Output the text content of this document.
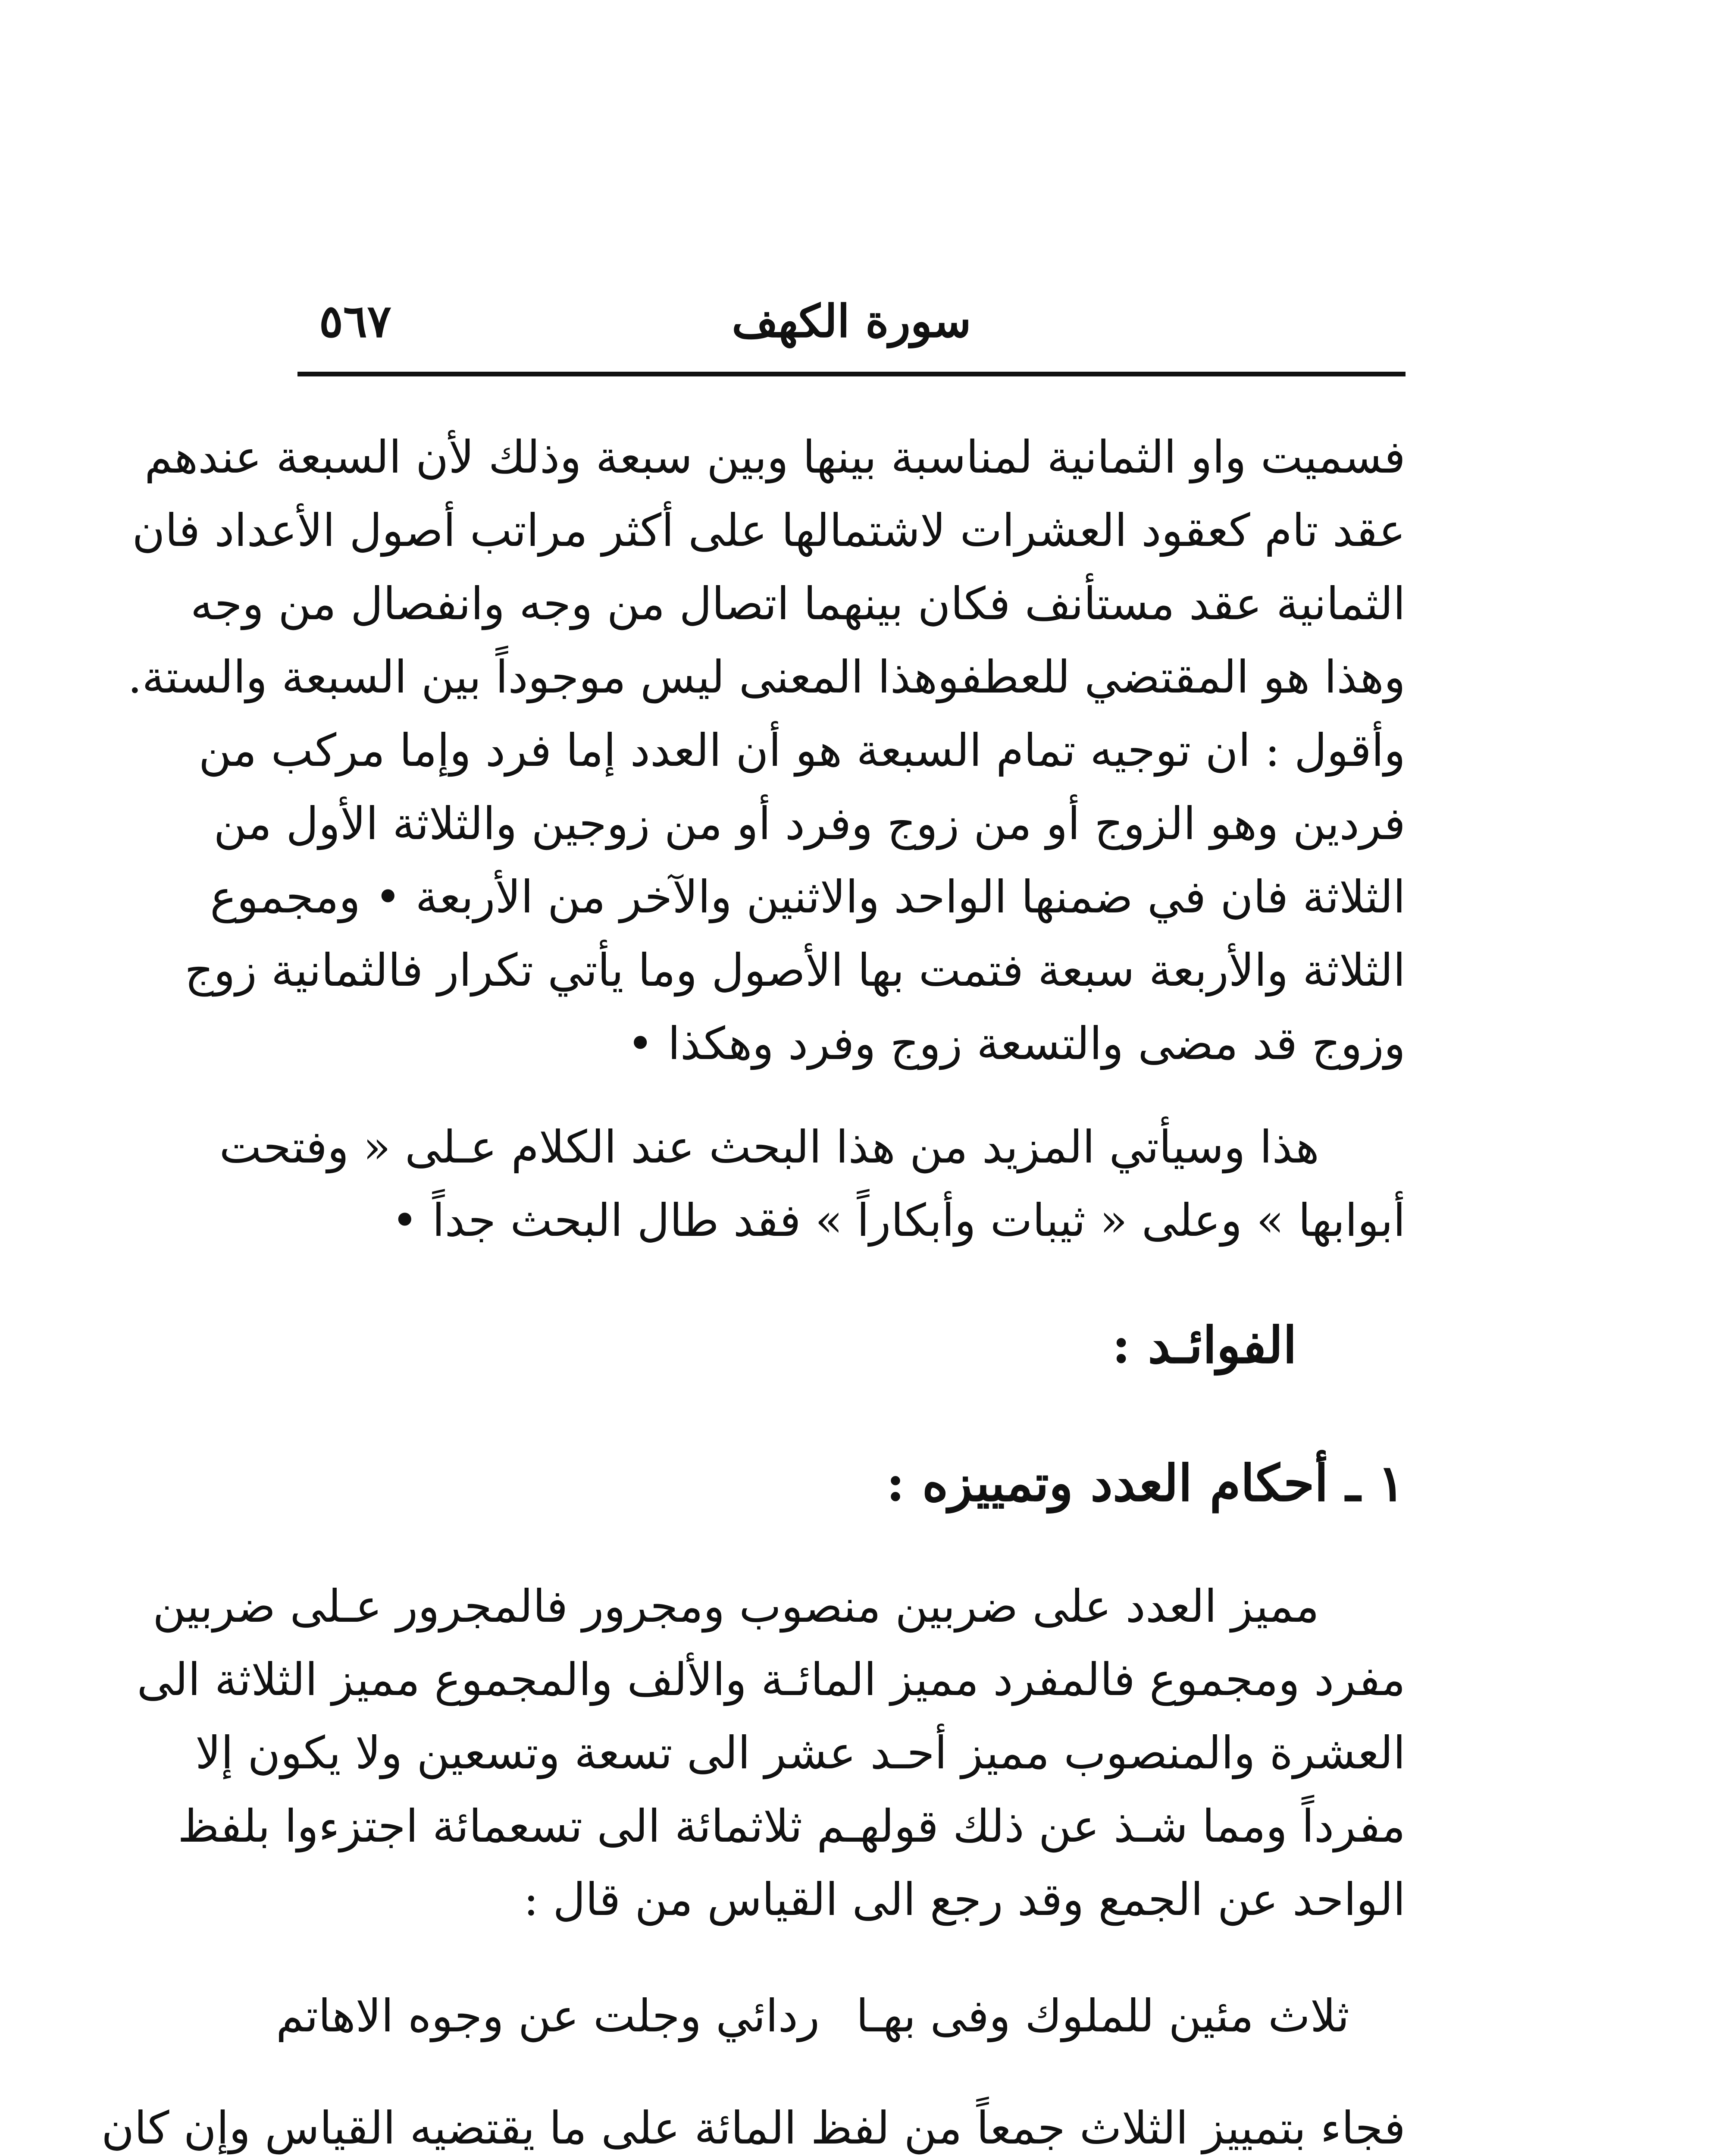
سورة الكهف
٥٦٧
فسميت واو الثمانية لمناسبة بينها وبين سبعة وذلك لأن السبعة عندهم
عقد تام كعقود العشرات لاشتمالها على أكثر مراتب أصول الأعداد فان
الثمانية عقد مستأنف فكان بينهما اتصال من وجه وانفصال من وجه
وهذا هو المقتضي للعطفوهذا المعنى ليس موجوداً بين السبعة والستة.
وأقول : ان توجيه تمام السبعة هو أن العدد إما فرد وإما مركب من
فردين وهو الزوج أو من زوج وفرد أو من زوجين والثلاثة الأول من
الثلاثة فان في ضمنها الواحد والاثنين والآخر من الأربعة • ومجموع
الثلاثة والأربعة سبعة فتمت بها الأصول وما يأتي تكرار فالثمانية زوج
وزوج قد مضى والتسعة زوج وفرد وهكذا •
هذا وسيأتي المزيد من هذا البحث عند الكلام عـلى « وفتحت
أبوابها » وعلى « ثيبات وأبكاراً » فقد طال البحث جداً •
الفوائـد :
١ ـ أحكام العدد وتمييزه :
مميز العدد على ضربين منصوب ومجرور فالمجرور عـلى ضربين
مفرد ومجموع فالمفرد مميز المائـة والألف والمجموع مميز الثلاثة الى
العشرة والمنصوب مميز أحـد عشر الى تسعة وتسعين ولا يكون إلا
مفرداً ومما شـذ عن ذلك قولهـم ثلاثمائة الى تسعمائة اجتزءوا بلفظ
الواحد عن الجمع وقد رجع الى القياس من قال :
ثلاث مئين للملوك وفى بهـا
ردائي وجلت عن وجوه الاهاتم
فجاء بتمييز الثلاث جمعاً من لفظ المائة على ما يقتضيه القياس وإن كان
